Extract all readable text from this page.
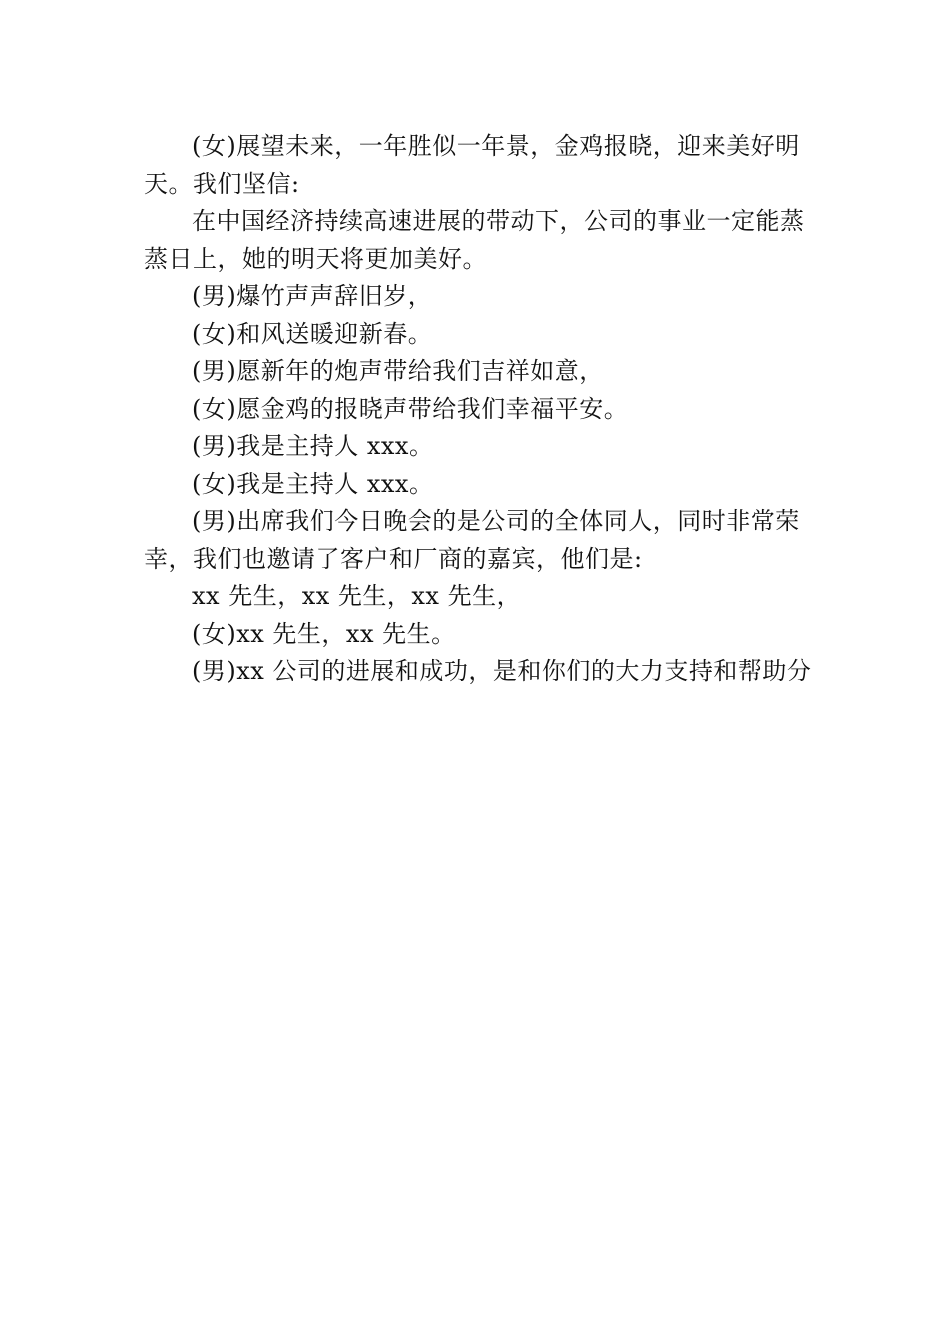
(女)展望未来，一年胜似一年景，金鸡报晓，迎来美好明
天。我们坚信:
在中国经济持续高速进展的带动下，公司的事业一定能蒸
蒸日上，她的明天将更加美好。
(男)爆竹声声辞旧岁，
(女)和风送暖迎新春。
(男)愿新年的炮声带给我们吉祥如意，
(女)愿金鸡的报晓声带给我们幸福平安。
(男)我是主持人 xxx。
(女)我是主持人 xxx。
(男)出席我们今日晚会的是公司的全体同人，同时非常荣
幸，我们也邀请了客户和厂商的嘉宾，他们是:
xx 先生，xx 先生，xx 先生，
(女)xx 先生，xx 先生。
(男)xx 公司的进展和成功，是和你们的大力支持和帮助分
